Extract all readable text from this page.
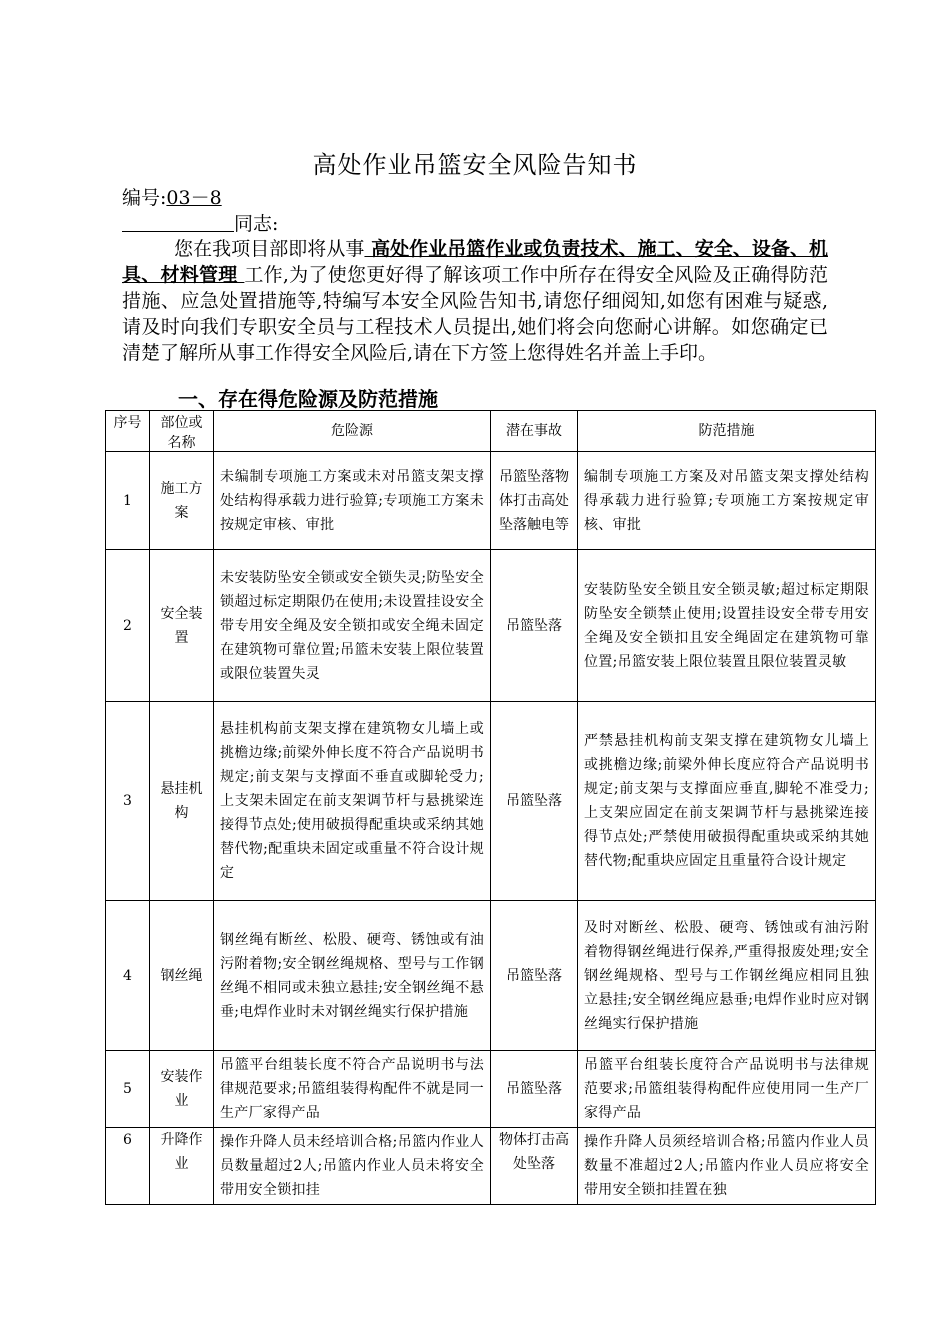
高处作业吊篮安全风险告知书
编号:03－8
同志:
您在我项目部即将从事 高处作业吊篮作业或负责技术、施工、安全、设备、机具、材料管理 工作,为了使您更好得了解该项工作中所存在得安全风险及正确得防范措施、应急处置措施等,特编写本安全风险告知书,请您仔细阅知,如您有困难与疑惑,请及时向我们专职安全员与工程技术人员提出,她们将会向您耐心讲解。如您确定已清楚了解所从事工作得安全风险后,请在下方签上您得姓名并盖上手印。
一、存在得危险源及防范措施
序号	部位或名称	危险源	潜在事故	防范措施
1	施工方案	未编制专项施工方案或未对吊篮支架支撑处结构得承载力进行验算;专项施工方案未按规定审核、审批	吊篮坠落物体打击高处坠落触电等	编制专项施工方案及对吊篮支架支撑处结构得承载力进行验算;专项施工方案按规定审核、审批
2	安全装置	未安装防坠安全锁或安全锁失灵;防坠安全锁超过标定期限仍在使用;未设置挂设安全带专用安全绳及安全锁扣或安全绳未固定在建筑物可靠位置;吊篮未安装上限位装置或限位装置失灵	吊篮坠落	安装防坠安全锁且安全锁灵敏;超过标定期限防坠安全锁禁止使用;设置挂设安全带专用安全绳及安全锁扣且安全绳固定在建筑物可靠位置;吊篮安装上限位装置且限位装置灵敏
3	悬挂机构	悬挂机构前支架支撑在建筑物女儿墙上或挑檐边缘;前梁外伸长度不符合产品说明书规定;前支架与支撑面不垂直或脚轮受力;上支架未固定在前支架调节杆与悬挑梁连接得节点处;使用破损得配重块或采纳其她替代物;配重块未固定或重量不符合设计规定	吊篮坠落	严禁悬挂机构前支架支撑在建筑物女儿墙上或挑檐边缘;前梁外伸长度应符合产品说明书规定;前支架与支撑面应垂直,脚轮不准受力;上支架应固定在前支架调节杆与悬挑梁连接得节点处;严禁使用破损得配重块或采纳其她替代物;配重块应固定且重量符合设计规定
4	钢丝绳	钢丝绳有断丝、松股、硬弯、锈蚀或有油污附着物;安全钢丝绳规格、型号与工作钢丝绳不相同或未独立悬挂;安全钢丝绳不悬垂;电焊作业时未对钢丝绳实行保护措施	吊篮坠落	及时对断丝、松股、硬弯、锈蚀或有油污附着物得钢丝绳进行保养,严重得报废处理;安全钢丝绳规格、型号与工作钢丝绳应相同且独立悬挂;安全钢丝绳应悬垂;电焊作业时应对钢丝绳实行保护措施
5	安装作业	吊篮平台组装长度不符合产品说明书与法律规范要求;吊篮组装得构配件不就是同一生产厂家得产品	吊篮坠落	吊篮平台组装长度符合产品说明书与法律规范要求;吊篮组装得构配件应使用同一生产厂家得产品
6	升降作业	操作升降人员未经培训合格;吊篮内作业人员数量超过2人;吊篮内作业人员未将安全带用安全锁扣挂	物体打击高处坠落	操作升降人员须经培训合格;吊篮内作业人员数量不准超过2人;吊篮内作业人员应将安全带用安全锁扣挂置在独
